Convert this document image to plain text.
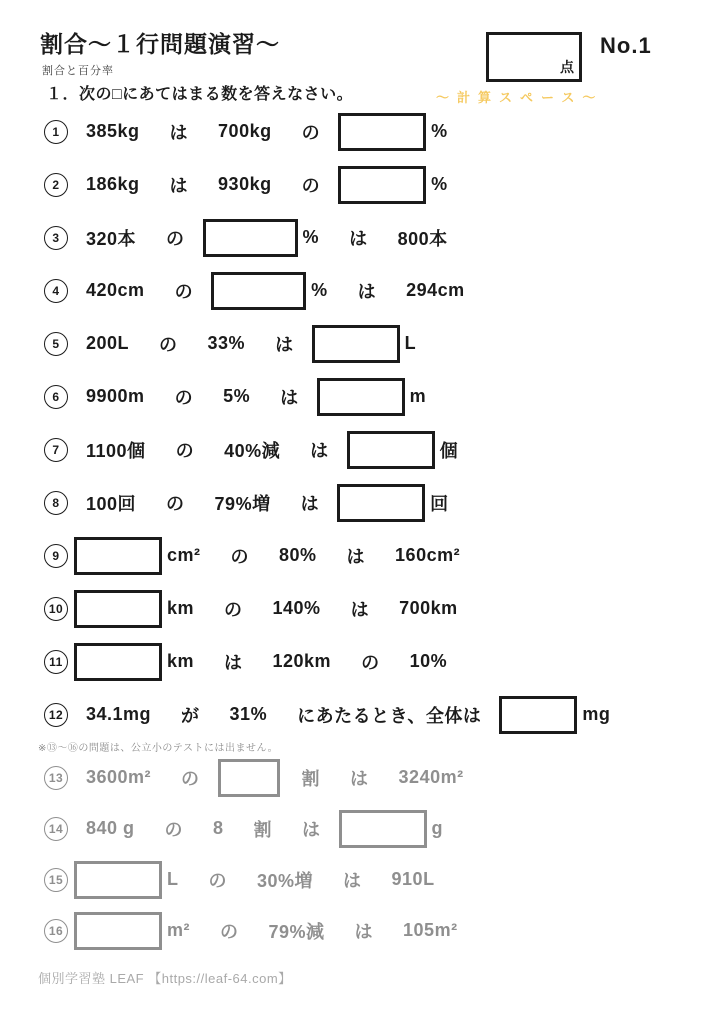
割合〜１行問題演習〜
割合と百分率
１．次の□にあてはまる数を答えなさい。
点
No.1
〜計算スペース〜
1	385kg は 700kg の	%
2	186kg は 930kg の	%
3	320本 の	% は 800本
4	420cm の	% は 294cm
5	200L の 33% は	L
6	9900m の 5% は	m
7	1100個 の 40%減 は	個
8	100回 の 79%増 は	回
9	cm² の 80% は 160cm²
10	km の 140% は 700km
11	km は 120km の 10%
12 34.1mg が 31% にあたるとき、全体は	mg
※⑬〜⑯の問題は、公立小のテストには出ません。
13 3600m² の	割 は 3240m²
14 840 g の 8 割 は	g
15	L の 30%増 は 910L
16	m² の 79%減 は 105m²
個別学習塾 LEAF 【https://leaf-64.com】
